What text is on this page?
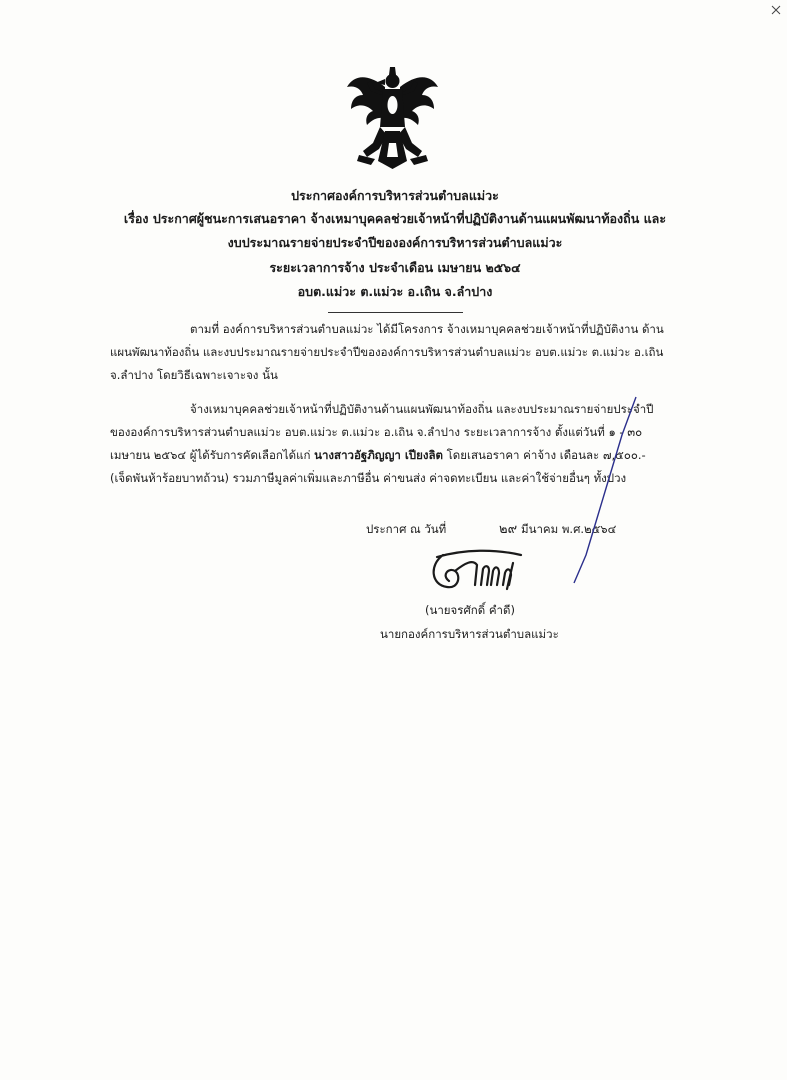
ประกาศองค์การบริหารส่วนตำบลแม่วะ
เรื่อง ประกาศผู้ชนะการเสนอราคา จ้างเหมาบุคคลช่วยเจ้าหน้าที่ปฏิบัติงานด้านแผนพัฒนาท้องถิ่น และ
งบประมาณรายจ่ายประจำปีขององค์การบริหารส่วนตำบลแม่วะ
ระยะเวลาการจ้าง ประจำเดือน เมษายน ๒๕๖๔
อบต.แม่วะ ต.แม่วะ อ.เถิน จ.ลำปาง
ตามที่ องค์การบริหารส่วนตำบลแม่วะ ได้มีโครงการ จ้างเหมาบุคคลช่วยเจ้าหน้าที่ปฏิบัติงาน ด้านแผนพัฒนาท้องถิ่น และงบประมาณรายจ่ายประจำปีขององค์การบริหารส่วนตำบลแม่วะ อบต.แม่วะ ต.แม่วะ อ.เถิน จ.ลำปาง โดยวิธีเฉพาะเจาะจง นั้น
จ้างเหมาบุคคลช่วยเจ้าหน้าที่ปฏิบัติงานด้านแผนพัฒนาท้องถิ่น และงบประมาณรายจ่ายประจำปี ขององค์การบริหารส่วนตำบลแม่วะ อบต.แม่วะ ต.แม่วะ อ.เถิน จ.ลำปาง ระยะเวลาการจ้าง ตั้งแต่วันที่ ๑ - ๓๐ เมษายน ๒๕๖๔ ผู้ได้รับการคัดเลือกได้แก่ นางสาวอัฐภิญญา เปียงลิต โดยเสนอราคา ค่าจ้าง เดือนละ ๗,๕๐๐.- (เจ็ดพันห้าร้อยบาทถ้วน) รวมภาษีมูลค่าเพิ่มและภาษีอื่น ค่าขนส่ง ค่าจดทะเบียน และค่าใช้จ่ายอื่นๆ ทั้งปวง
ประกาศ ณ วันที่	๒๙ มีนาคม พ.ศ.๒๕๖๔
(นายจรศักดิ์ คำดี)
นายกองค์การบริหารส่วนตำบลแม่วะ
